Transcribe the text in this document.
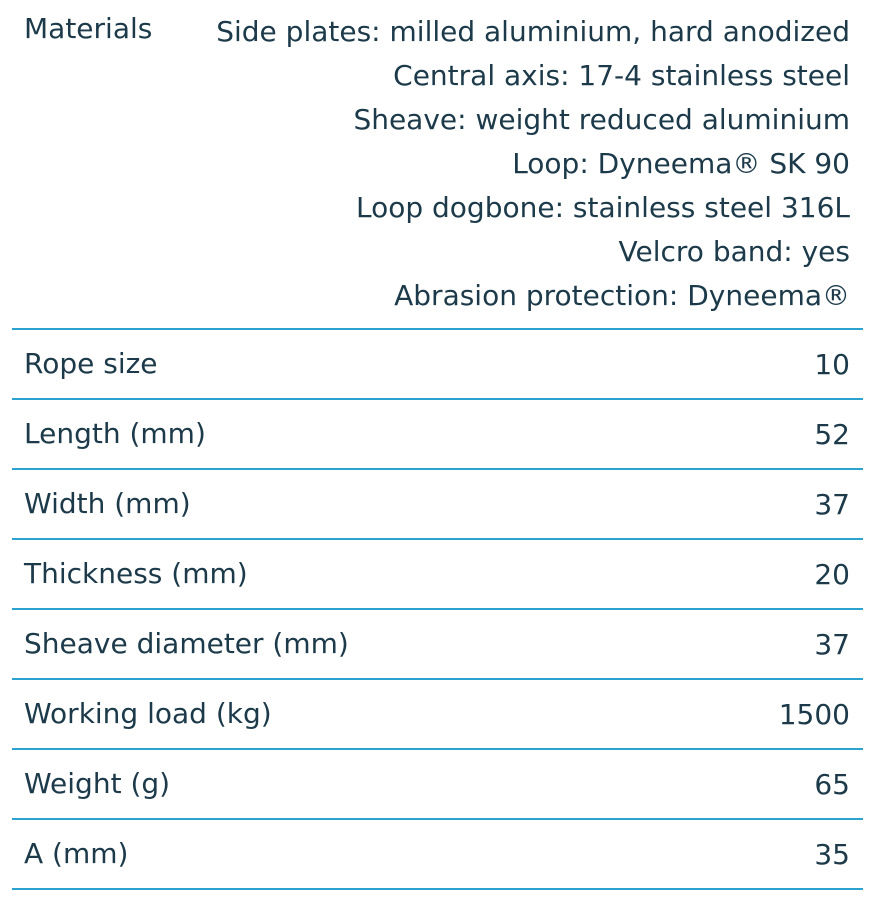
Materials Side plates: milled aluminium, hard anodized
Central axis: 17-4 stainless steel
Sheave: weight reduced aluminium
Loop: Dyneema® SK 90
Loop dogbone: stainless steel 316L
Velcro band: yes
Abrasion protection: Dyneema®
Rope size	10
Length (mm)	52
Width (mm)	37
Thickness (mm)	20
Sheave diameter (mm)	37
Working load (kg)	1500
Weight (g)	65
A (mm)	35
